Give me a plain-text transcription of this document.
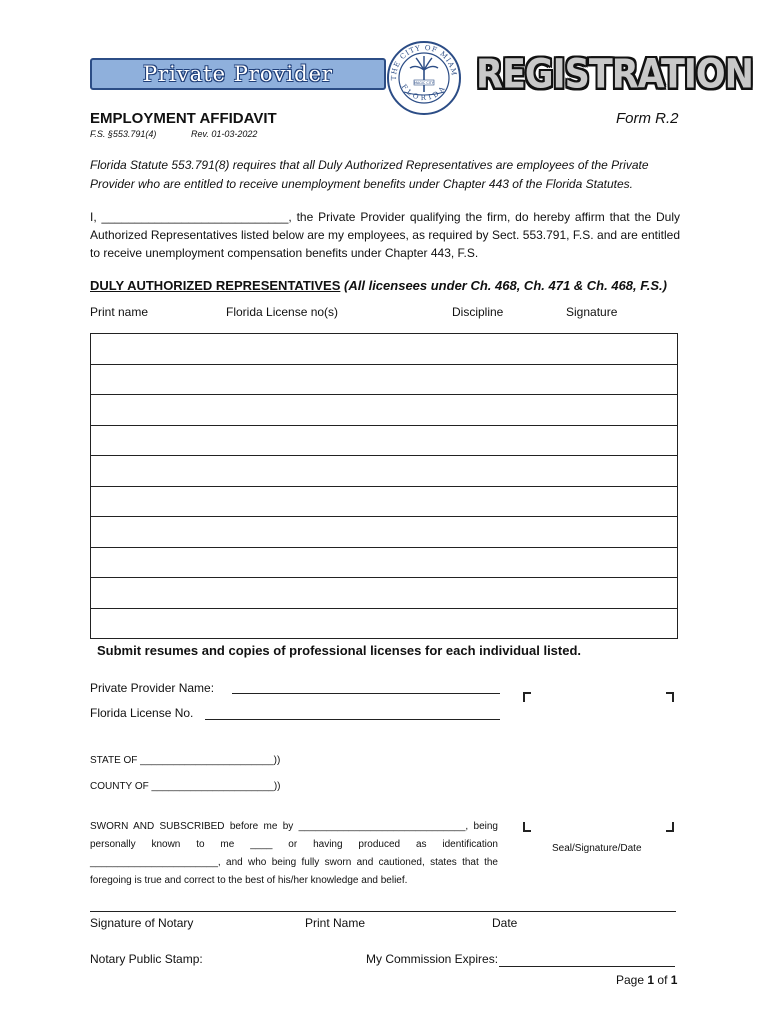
Private Provider	THE CITY OF MIAM
FLORIDA
MAGIC CITY REGISTRATION
EMPLOYMENT AFFIDAVIT	Form R.2
F.S. §553.791(4)	Rev. 01-03-2022
Florida Statute 553.791(8) requires that all Duly Authorized Representatives are employees of the Private Provider who are entitled to receive unemployment benefits under Chapter 443 of the Florida Statutes.
I, ____________________________, the Private Provider qualifying the firm, do hereby affirm that the Duly Authorized Representatives listed below are my employees, as required by Sect. 553.791, F.S. and are entitled to receive unemployment compensation benefits under Chapter 443, F.S.
DULY AUTHORIZED REPRESENTATIVES (All licensees under Ch. 468, Ch. 471 & Ch. 468, F.S.)
Print name	Florida License no(s)	Discipline	Signature

Submit resumes and copies of professional licenses for each individual listed.
Private Provider Name:
Florida License No.
Seal/Signature/Date
STATE OF ________________________))
COUNTY OF ______________________))
SWORN AND SUBSCRIBED before me by ______________________________, being personally known to me ____ or having produced as identification _______________________, and who being fully sworn and cautioned, states that the foregoing is true and correct to the best of his/her knowledge and belief.
Signature of Notary	Print Name	Date
Notary Public Stamp:	My Commission Expires:
Page 1 of 1
